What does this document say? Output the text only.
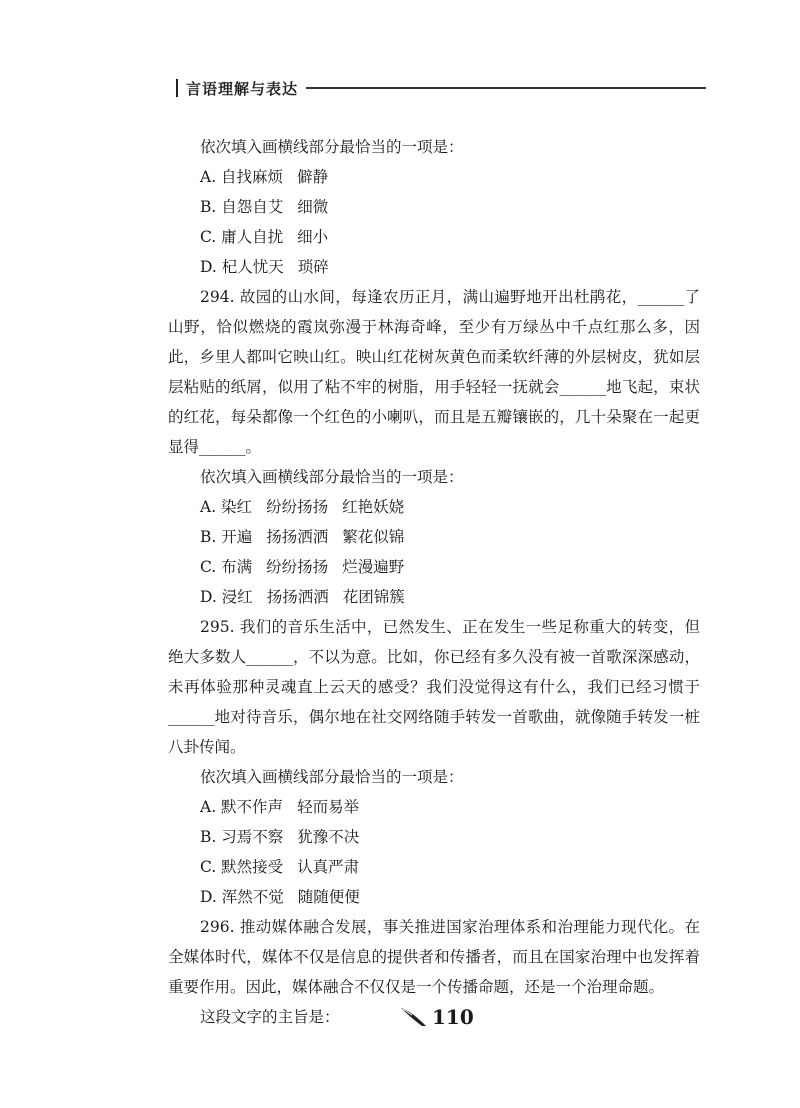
言语理解与表达

依次填入画横线部分最恰当的一项是：

A. 自找麻烦 僻静

B. 自怨自艾 细微

C. 庸人自扰 细小

D. 杞人忧天 琐碎

294. 故园的山水间，每逢农历正月，满山遍野地开出杜鹃花，______了山野，恰似燃烧的霞岚弥漫于林海奇峰，至少有万绿丛中千点红那么多，因此，乡里人都叫它映山红。映山红花树灰黄色而柔软纤薄的外层树皮，犹如层层粘贴的纸屑，似用了粘不牢的树脂，用手轻轻一抚就会______地飞起，束状的红花，每朵都像一个红色的小喇叭，而且是五瓣镶嵌的，几十朵聚在一起更显得______。

依次填入画横线部分最恰当的一项是：

A. 染红 纷纷扬扬 红艳妖娆

B. 开遍 扬扬洒洒 繁花似锦

C. 布满 纷纷扬扬 烂漫遍野

D. 浸红 扬扬洒洒 花团锦簇

295. 我们的音乐生活中，已然发生、正在发生一些足称重大的转变，但绝大多数人______，不以为意。比如，你已经有多久没有被一首歌深深感动，未再体验那种灵魂直上云天的感受？我们没觉得这有什么，我们已经习惯于______地对待音乐，偶尔地在社交网络随手转发一首歌曲，就像随手转发一桩八卦传闻。

依次填入画横线部分最恰当的一项是：

A. 默不作声 轻而易举

B. 习焉不察 犹豫不决

C. 默然接受 认真严肃

D. 浑然不觉 随随便便

296. 推动媒体融合发展，事关推进国家治理体系和治理能力现代化。在全媒体时代，媒体不仅是信息的提供者和传播者，而且在国家治理中也发挥着重要作用。因此，媒体融合不仅仅是一个传播命题，还是一个治理命题。

这段文字的主旨是：	110
